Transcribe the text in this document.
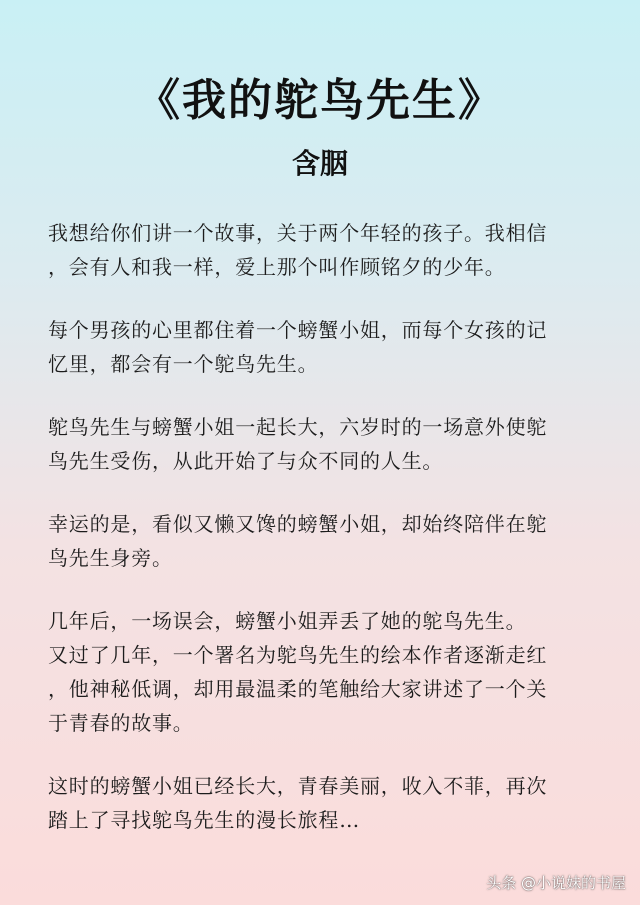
《我的鸵鸟先生》
含胭
我想给你们讲一个故事，关于两个年轻的孩子。我相信
，会有人和我一样，爱上那个叫作顾铭夕的少年。
每个男孩的心里都住着一个螃蟹小姐，而每个女孩的记
忆里，都会有一个鸵鸟先生。
鸵鸟先生与螃蟹小姐一起长大，六岁时的一场意外使鸵
鸟先生受伤，从此开始了与众不同的人生。
幸运的是，看似又懒又馋的螃蟹小姐，却始终陪伴在鸵
鸟先生身旁。
几年后，一场误会，螃蟹小姐弄丢了她的鸵鸟先生。
又过了几年，一个署名为鸵鸟先生的绘本作者逐渐走红
，他神秘低调，却用最温柔的笔触给大家讲述了一个关
于青春的故事。
这时的螃蟹小姐已经长大，青春美丽，收入不菲，再次
踏上了寻找鸵鸟先生的漫长旅程…
头条 @小说妹的书屋
